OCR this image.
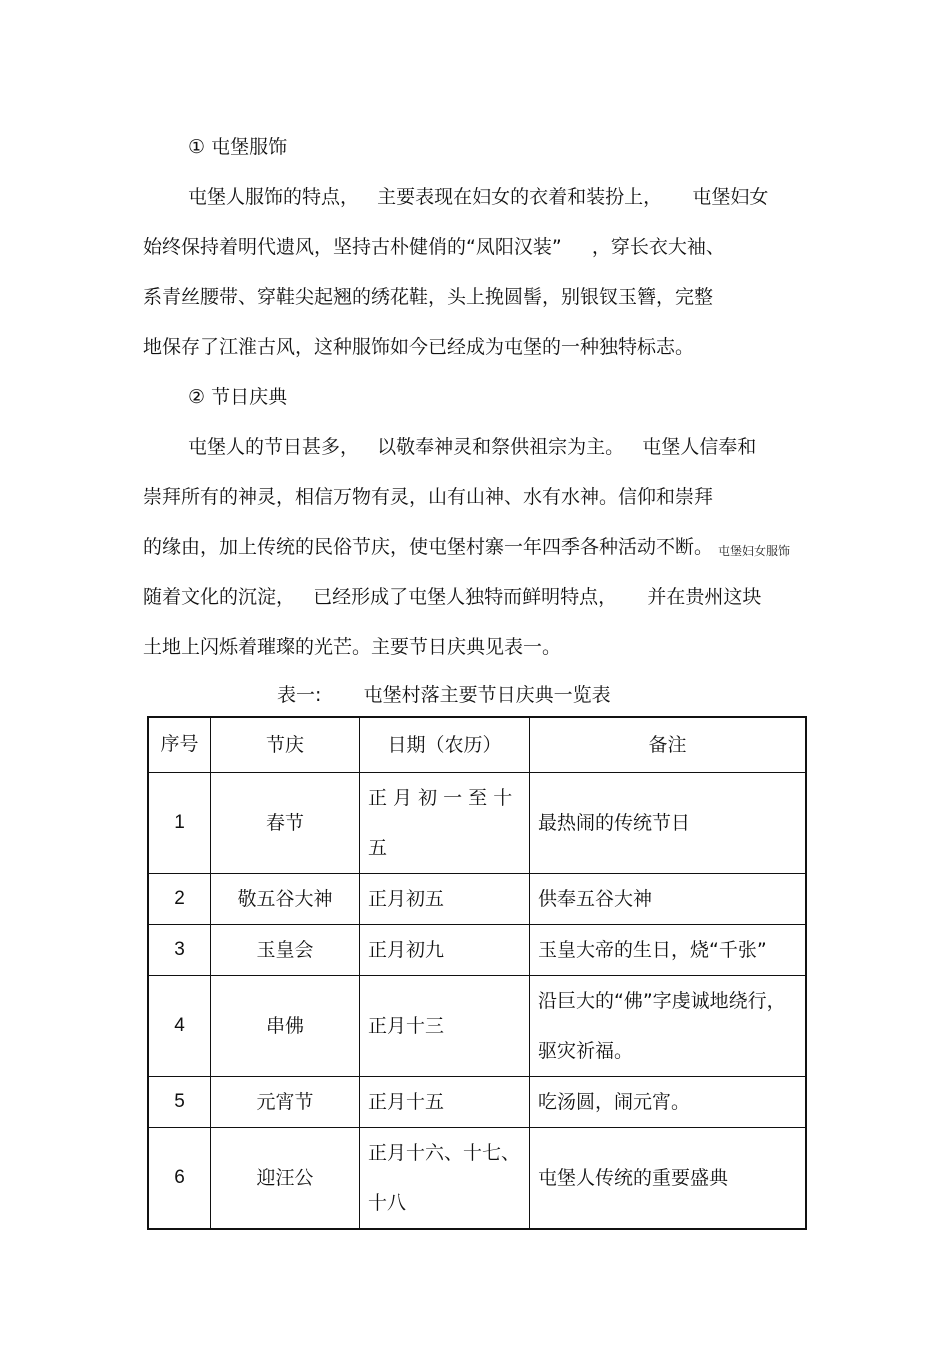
① 屯堡服饰
屯堡人服饰的特点，   主要表现在妇女的衣着和装扮上，     屯堡妇女
始终保持着明代遗风，坚持古朴健俏的“凤阳汉装”     ，穿长衣大袖、
系青丝腰带、穿鞋尖起翘的绣花鞋，头上挽圆髻，别银钗玉簪，完整
地保存了江淮古风，这种服饰如今已经成为屯堡的一种独特标志。
② 节日庆典
屯堡人的节日甚多，   以敬奉神灵和祭供祖宗为主。   屯堡人信奉和
崇拜所有的神灵，相信万物有灵，山有山神、水有水神。信仰和崇拜
的缘由，加上传统的民俗节庆，使屯堡村寨一年四季各种活动不断。
随着文化的沉淀，   已经形成了屯堡人独特而鲜明特点，     并在贵州这块
土地上闪烁着璀璨的光芒。主要节日庆典见表一。
屯堡妇女服饰
表一:       屯堡村落主要节日庆典一览表
序号	节庆	日期（农历）	备注
1	春节	正 月 初 一 至 十 五	最热闹的传统节日
2	敬五谷大神	正月初五	供奉五谷大神
3	玉皇会	正月初九	玉皇大帝的生日，烧“千张”
4	串佛	正月十三	沿巨大的“佛”字虔诚地绕行，驱灾祈福。
5	元宵节	正月十五	吃汤圆，闹元宵。
6	迎汪公	正月十六、十七、十八	屯堡人传统的重要盛典
